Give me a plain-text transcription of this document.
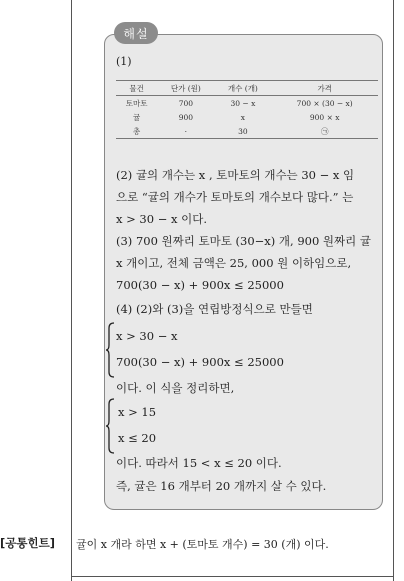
해설
(1)
물건	단가 (원)	개수 (개)	가격
토마토	700	30 − x	700 × (30 − x)
귤	900	x	900 × x
총	·	30	㉠
(2) 귤의 개수는 x , 토마토의 개수는 30 − x 임
으로 “귤의 개수가 토마토의 개수보다 많다.” 는
x > 30 − x 이다.
(3) 700 원짜리 토마토 (30−x) 개, 900 원짜리 귤
x 개이고, 전체 금액은 25, 000 원 이하임으로,
700(30 − x) + 900x ≤ 25000
(4) (2)와 (3)을 연립방정식으로 만들면
x > 30 − x
700(30 − x) + 900x ≤ 25000
이다. 이 식을 정리하면,
x > 15
x ≤ 20
이다. 따라서 15 < x ≤ 20 이다.
즉, 귤은 16 개부터 20 개까지 살 수 있다.
[공통힌트] 귤이 x 개라 하면 x + (토마토 개수) = 30 (개) 이다.
